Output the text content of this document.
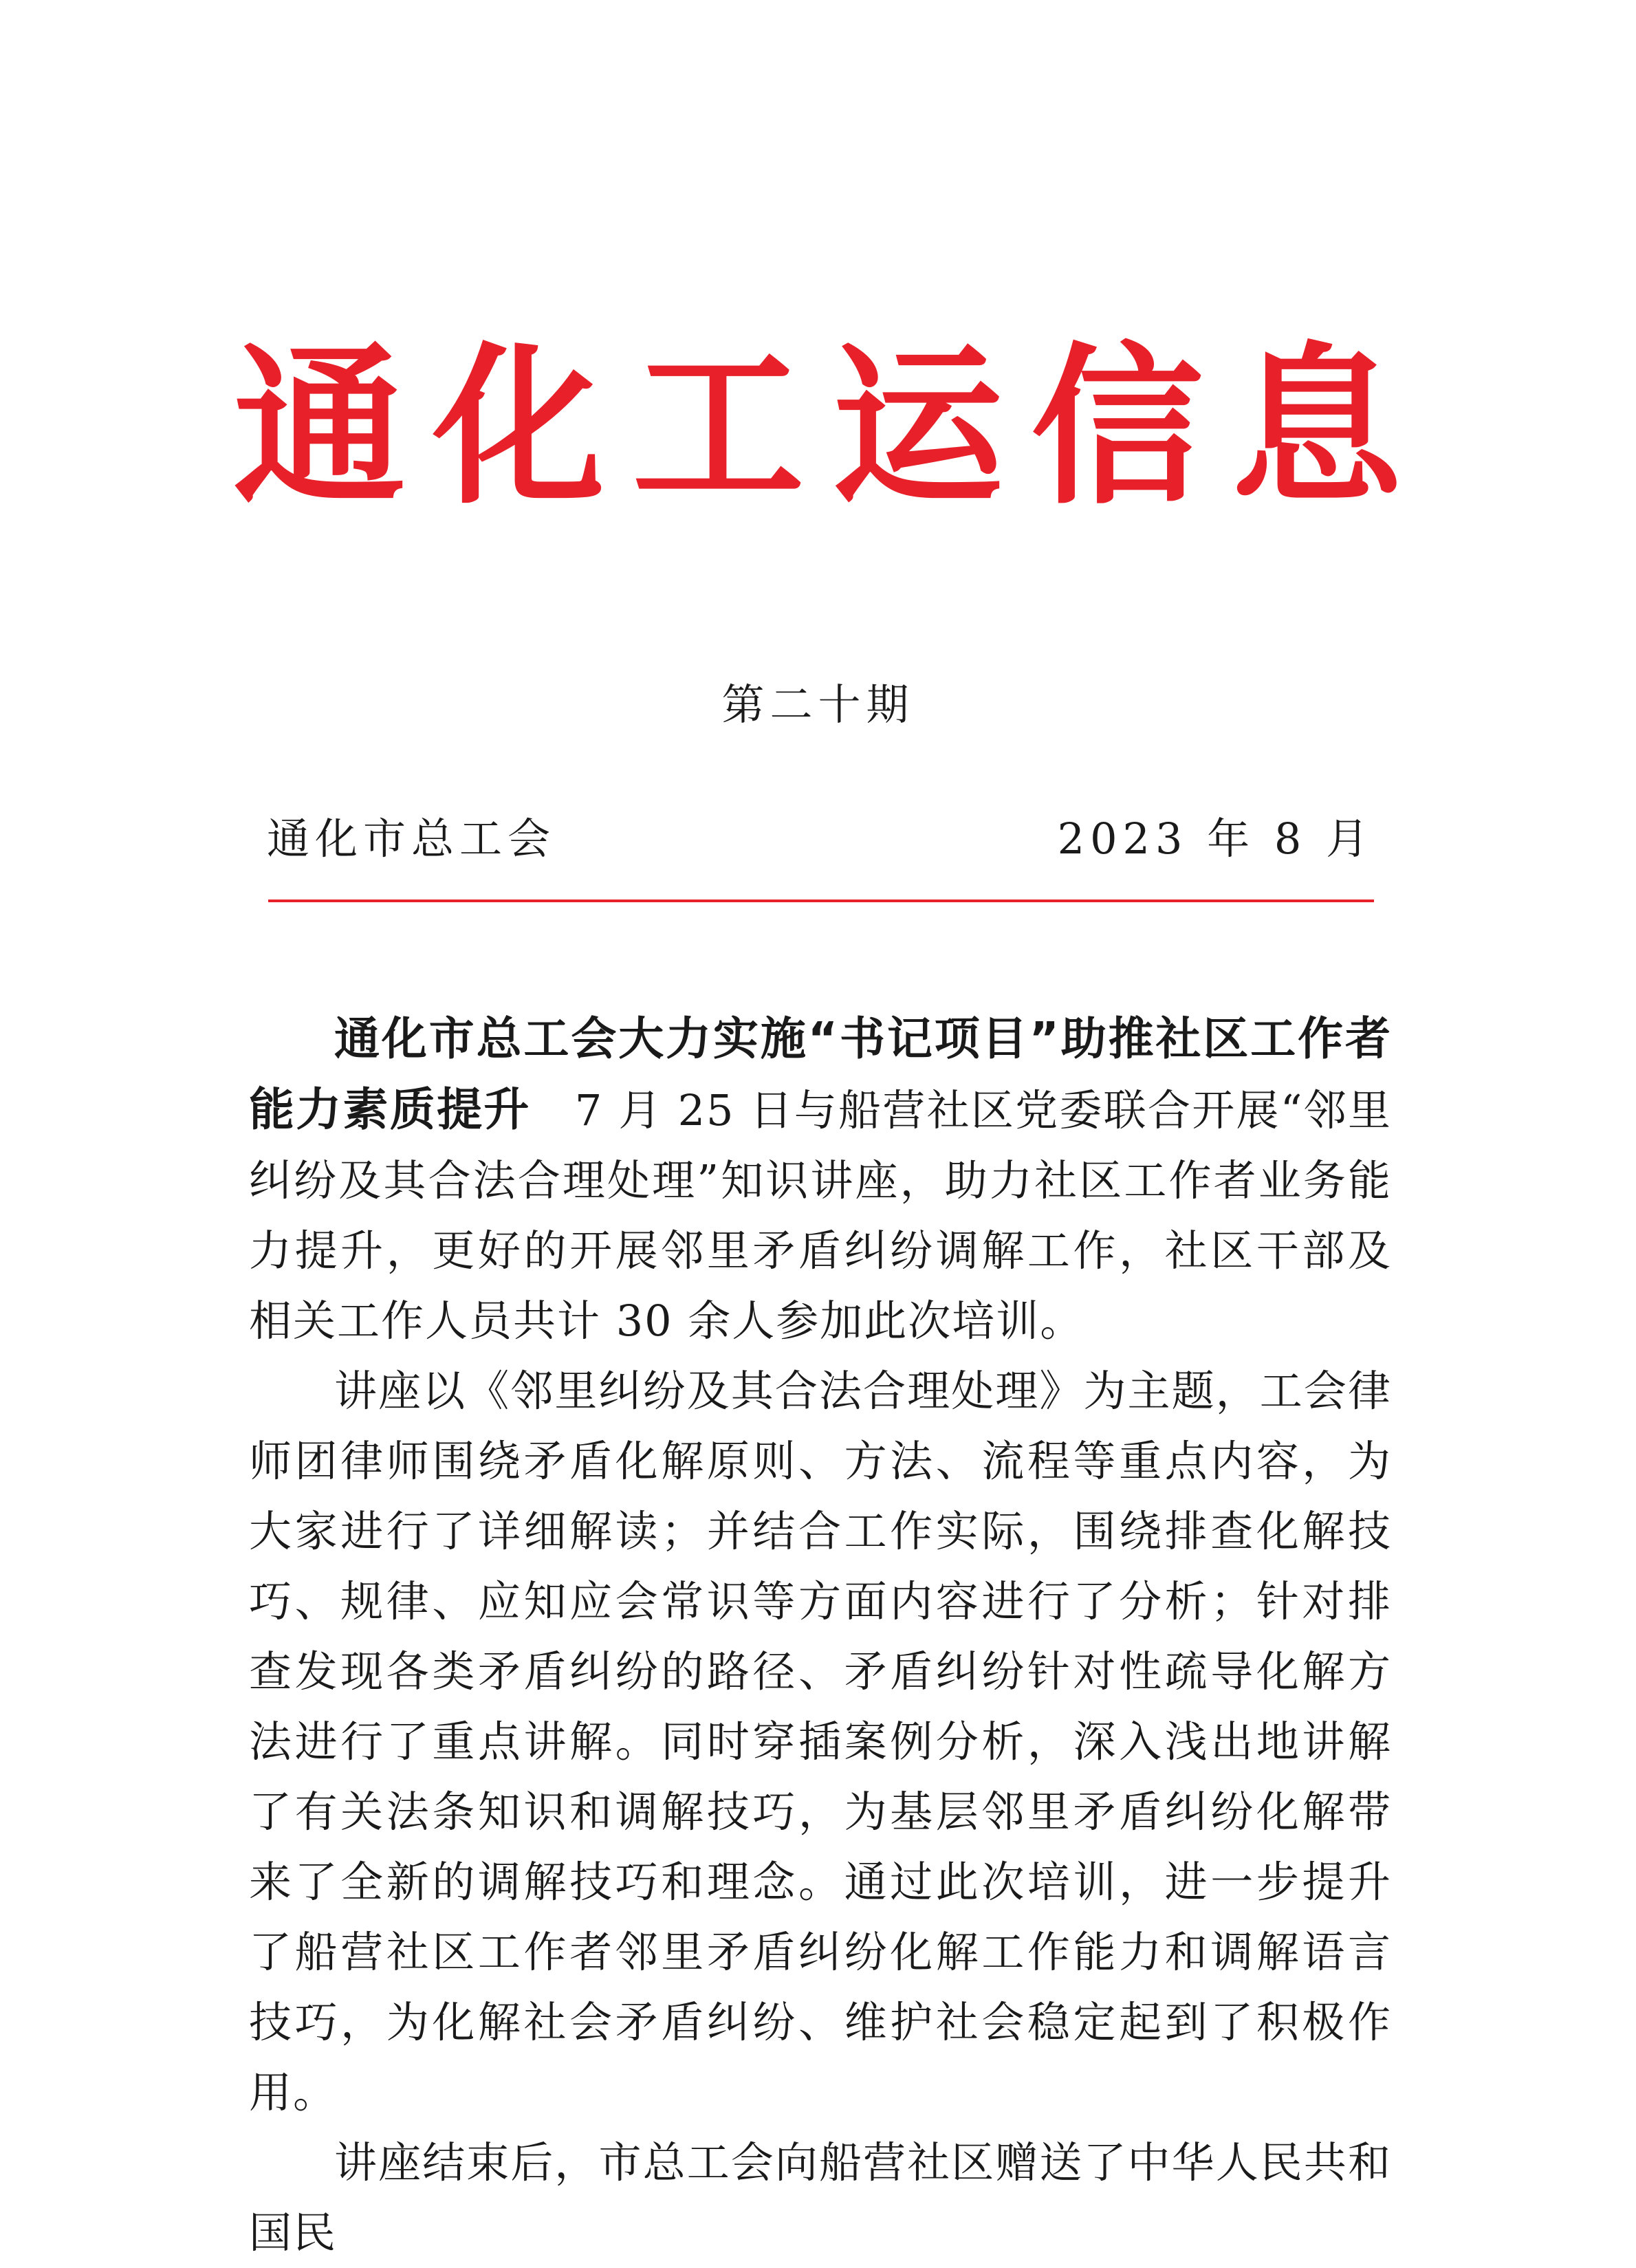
通化工运信息
第二十期
通化市总工会	2023 年 8 月

通化市总工会大力实施“书记项目”助推社区工作者能力素质提升　 7 月 25 日与船营社区党委联合开展“邻里纠纷及其合法合理处理”知识讲座，助力社区工作者业务能力提升，更好的开展邻里矛盾纠纷调解工作，社区干部及相关工作人员共计 30 余人参加此次培训。

讲座以《邻里纠纷及其合法合理处理》为主题，工会律师团律师围绕矛盾化解原则、方法、流程等重点内容，为大家进行了详细解读；并结合工作实际，围绕排查化解技巧、规律、应知应会常识等方面内容进行了分析；针对排查发现各类矛盾纠纷的路径、矛盾纠纷针对性疏导化解方法进行了重点讲解。同时穿插案例分析，深入浅出地讲解了有关法条知识和调解技巧，为基层邻里矛盾纠纷化解带来了全新的调解技巧和理念。通过此次培训，进一步提升了船营社区工作者邻里矛盾纠纷化解工作能力和调解语言技巧，为化解社会矛盾纠纷、维护社会稳定起到了积极作用。

讲座结束后，市总工会向船营社区赠送了中华人民共和国民
